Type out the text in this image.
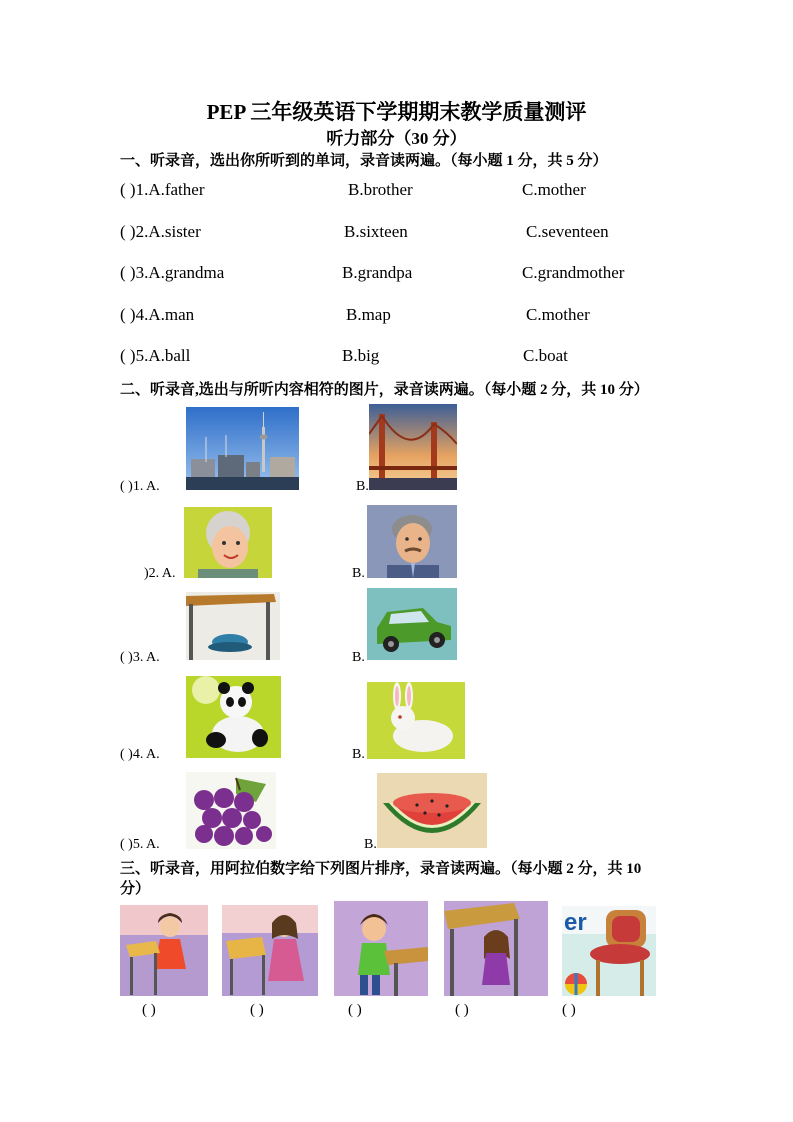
PEP 三年级英语下学期期末教学质量测评
听力部分（30 分）
一、听录音，选出你所听到的单词，录音读两遍。（每小题 1 分，共 5 分）
( )1.A.father	B.brother	C.mother
( )2.A.sister	B.sixteen	C.seventeen
( )3.A.grandma	B.grandpa	C.grandmother
( )4.A.man	B.map	C.mother
( )5.A.ball	B.big	C.boat
二、听录音,选出与所听内容相符的图片，录音读两遍。（每小题 2 分，共 10 分）
( )1. A.	B.
)2. A.	B.
( )3. A.	B.
( )4. A.	B.
( )5. A.	B.
三、听录音，用阿拉伯数字给下列图片排序，录音读两遍。（每小题 2 分，共 10
分）
er
( )	( )	( )	( )	( )
